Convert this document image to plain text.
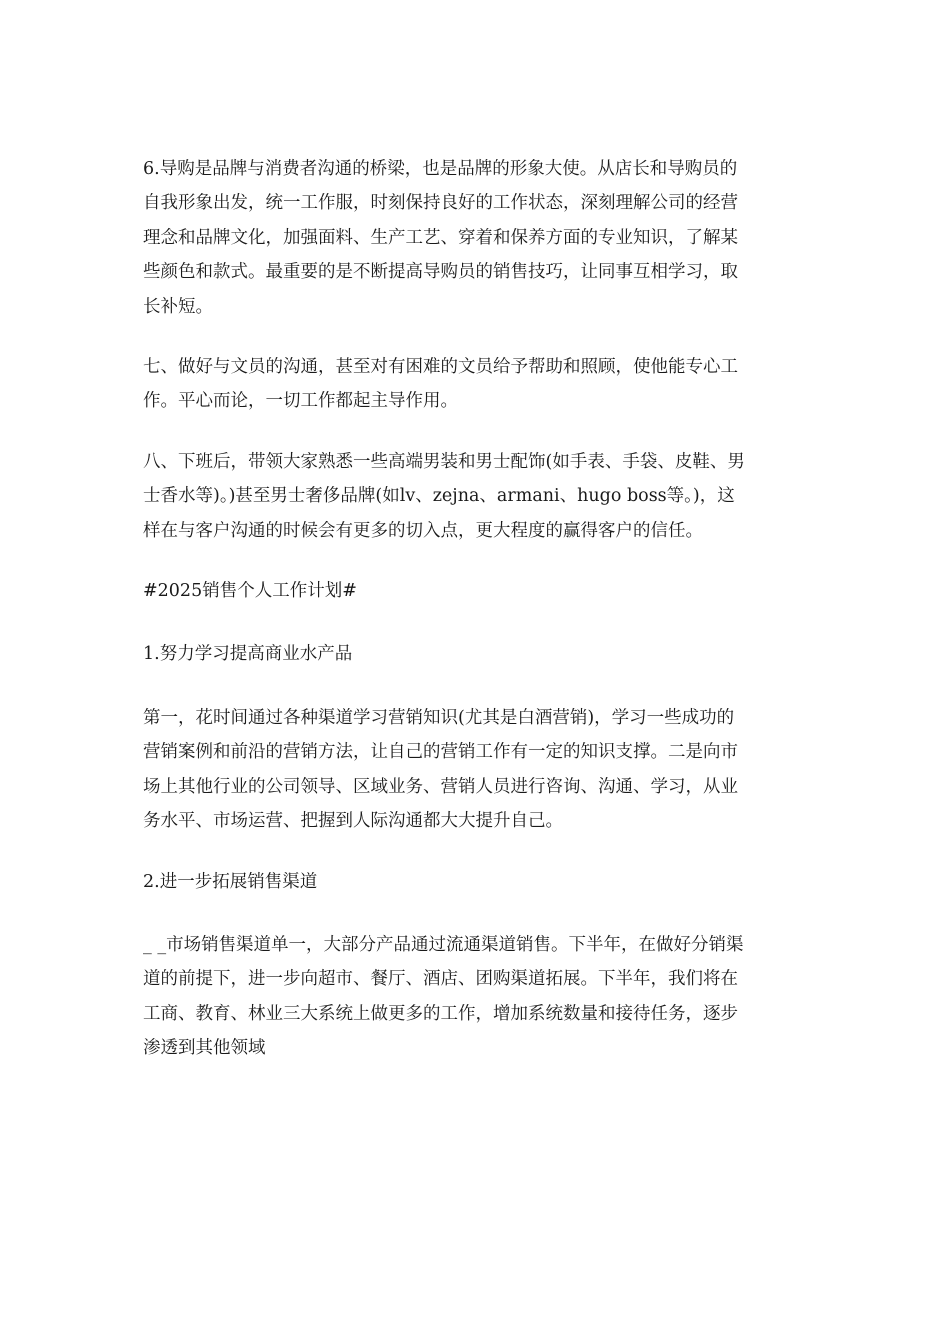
6.导购是品牌与消费者沟通的桥梁，也是品牌的形象大使。从店长和导购员的
自我形象出发，统一工作服，时刻保持良好的工作状态，深刻理解公司的经营
理念和品牌文化，加强面料、生产工艺、穿着和保养方面的专业知识，了解某
些颜色和款式。最重要的是不断提高导购员的销售技巧，让同事互相学习，取
长补短。

七、做好与文员的沟通，甚至对有困难的文员给予帮助和照顾，使他能专心工
作。平心而论，一切工作都起主导作用。

八、下班后，带领大家熟悉一些高端男装和男士配饰(如手表、手袋、皮鞋、男
士香水等)。)甚至男士奢侈品牌(如lv、zejna、armani、hugo boss等。)，这
样在与客户沟通的时候会有更多的切入点，更大程度的赢得客户的信任。

#2025销售个人工作计划#

1.努力学习提高商业水产品

第一，花时间通过各种渠道学习营销知识(尤其是白酒营销)，学习一些成功的
营销案例和前沿的营销方法，让自己的营销工作有一定的知识支撑。二是向市
场上其他行业的公司领导、区域业务、营销人员进行咨询、沟通、学习，从业
务水平、市场运营、把握到人际沟通都大大提升自己。

2.进一步拓展销售渠道

_ _市场销售渠道单一，大部分产品通过流通渠道销售。下半年，在做好分销渠
道的前提下，进一步向超市、餐厅、酒店、团购渠道拓展。下半年，我们将在
工商、教育、林业三大系统上做更多的工作，增加系统数量和接待任务，逐步
渗透到其他领域
